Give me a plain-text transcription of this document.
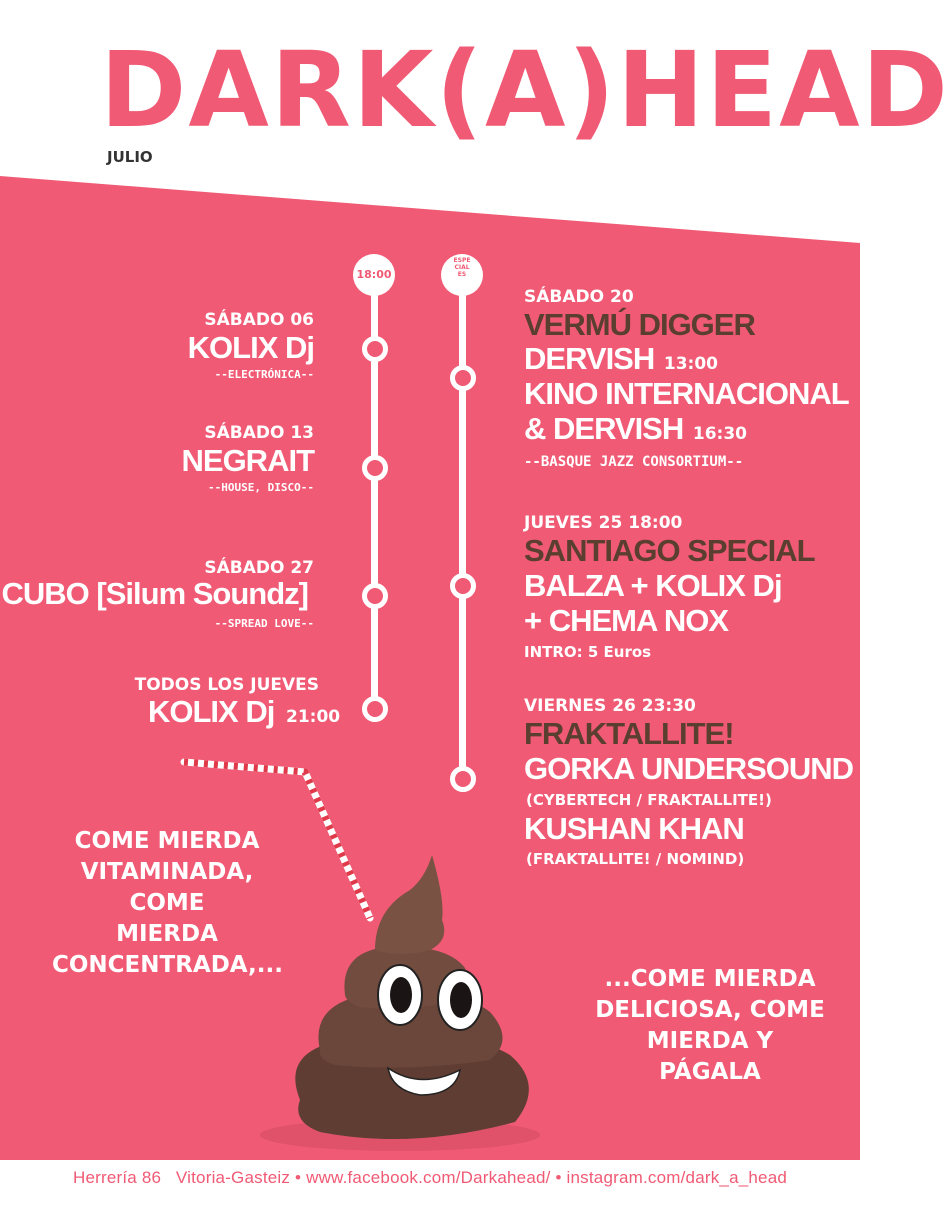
DARK(A)HEAD
JULIO
18:00
ESPECIALES
SÁBADO 06
KOLIX Dj
--ELECTRÓNICA--
SÁBADO 13
NEGRAIT
--HOUSE, DISCO--
SÁBADO 27
CUBO [Silum Soundz]
--SPREAD LOVE--
TODOS LOS JUEVES
KOLIX Dj 21:00
SÁBADO 20
VERMÚ DIGGER
DERVISH 13:00
KINO INTERNACIONAL
& DERVISH 16:30
--BASQUE JAZZ CONSORTIUM--
JUEVES 25 18:00
SANTIAGO SPECIAL
BALZA + KOLIX Dj
+ CHEMA NOX
INTRO: 5 Euros
VIERNES 26 23:30
FRAKTALLITE!
GORKA UNDERSOUND
(CYBERTECH / FRAKTALLITE!)
KUSHAN KHAN
(FRAKTALLITE! / NOMIND)
COME MIERDA
VITAMINADA, COME
MIERDA
CONCENTRADA,...
...COME MIERDA
DELICIOSA, COME
MIERDA Y PÁGALA
Herrería 86   Vitoria-Gasteiz • www.facebook.com/Darkahead/ • instagram.com/dark_a_head
